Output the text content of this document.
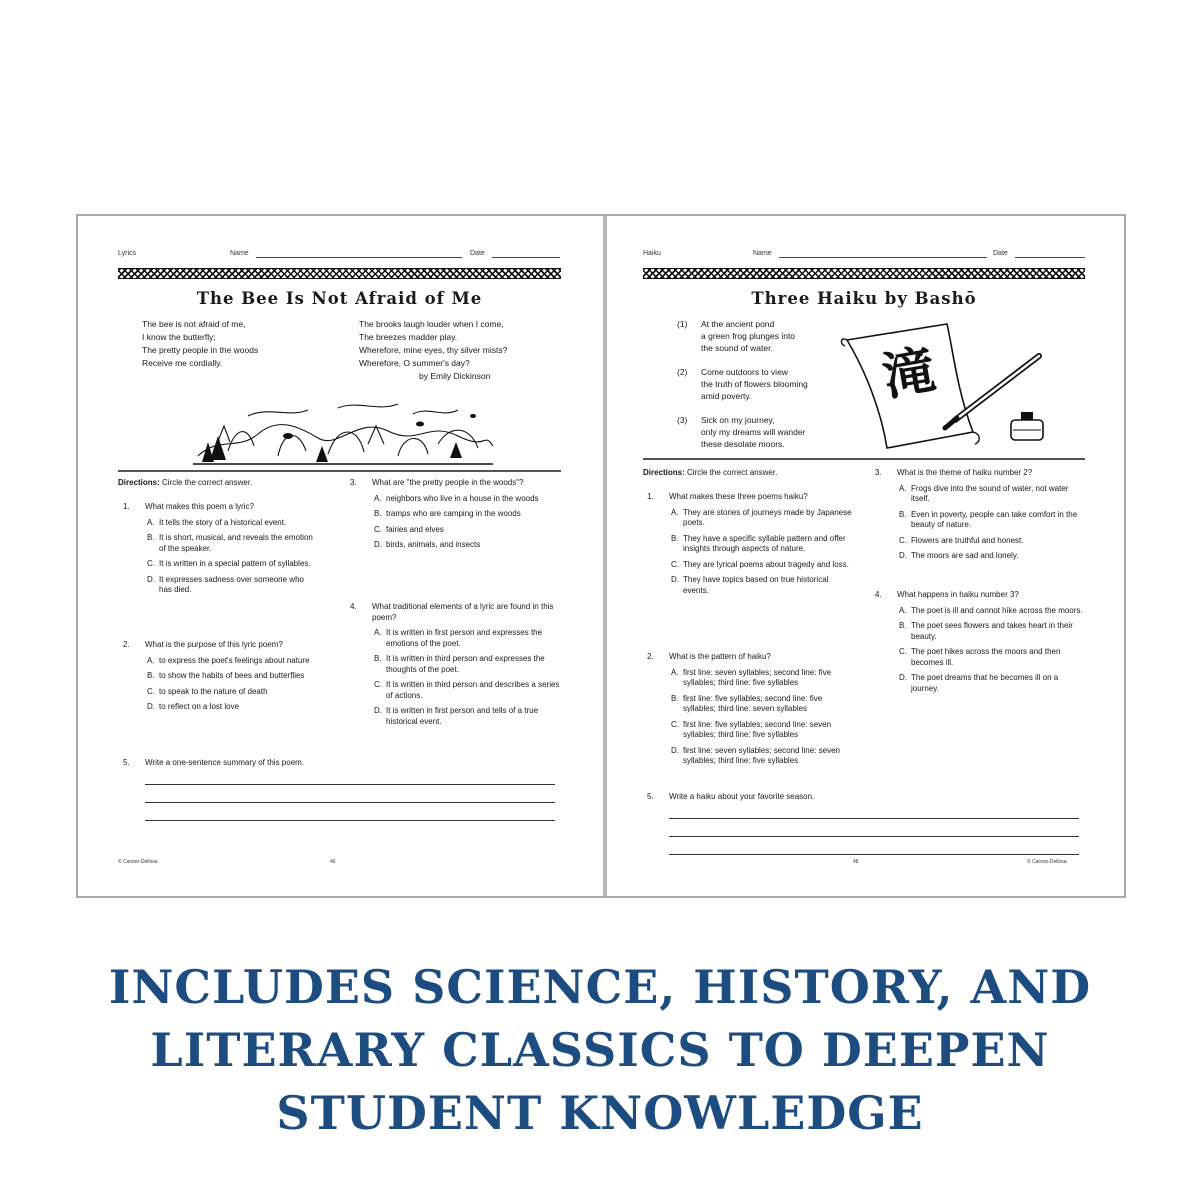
Lyrics	Name	Date
The Bee Is Not Afraid of Me
The bee is not afraid of me,
I know the butterfly;
The pretty people in the woods
Receive me cordially.
The brooks laugh louder when I come,
The breezes madder play.
Wherefore, mine eyes, thy silver mists?
Wherefore, O summer's day?
by Emily Dickinson
Directions: Circle the correct answer.
1. What makes this poem a lyric?
A. It tells the story of a historical event.
B. It is short, musical, and reveals the emotion of the speaker.
C. It is written in a special pattern of syllables.
D. It expresses sadness over someone who has died.
2. What is the purpose of this lyric poem?
A. to express the poet's feelings about nature
B. to show the habits of bees and butterflies
C. to speak to the nature of death
D. to reflect on a lost love
3. What are "the pretty people in the woods"?
A. neighbors who live in a house in the woods
B. tramps who are camping in the woods
C. fairies and elves
D. birds, animals, and insects
4. What traditional elements of a lyric are found in this poem?
A. It is written in first person and expresses the emotions of the poet.
B. It is written in third person and expresses the thoughts of the poet.
C. It is written in third person and describes a series of actions.
D. It is written in first person and tells of a true historical event.
5. Write a one-sentence summary of this poem.
© Carson-Dellosa	46
Haiku	Name	Date
Three Haiku by Bashō
(1) At the ancient pond
a green frog plunges into
the sound of water.
(2) Come outdoors to view
the truth of flowers blooming
amid poverty.
(3) Sick on my journey,
only my dreams will wander
these desolate moors.
滝
Directions: Circle the correct answer.
1. What makes these three poems haiku?
A. They are stories of journeys made by Japanese poets.
B. They have a specific syllable pattern and offer insights through aspects of nature.
C. They are lyrical poems about tragedy and loss.
D. They have topics based on true historical events.
2. What is the pattern of haiku?
A. first line: seven syllables; second line: five syllables; third line: five syllables
B. first line: five syllables; second line: five syllables; third line: seven syllables
C. first line: five syllables; second line: seven syllables; third line: five syllables
D. first line: seven syllables; second line: seven syllables; third line: five syllables
3. What is the theme of haiku number 2?
A. Frogs dive into the sound of water, not water itself.
B. Even in poverty, people can take comfort in the beauty of nature.
C. Flowers are truthful and honest.
D. The moors are sad and lonely.
4. What happens in haiku number 3?
A. The poet is ill and cannot hike across the moors.
B. The poet sees flowers and takes heart in their beauty.
C. The poet hikes across the moors and then becomes ill.
D. The poet dreams that he becomes ill on a journey.
5. Write a haiku about your favorite season.
48	© Carson-Dellosa
INCLUDES SCIENCE, HISTORY, AND
LITERARY CLASSICS TO DEEPEN
STUDENT KNOWLEDGE
